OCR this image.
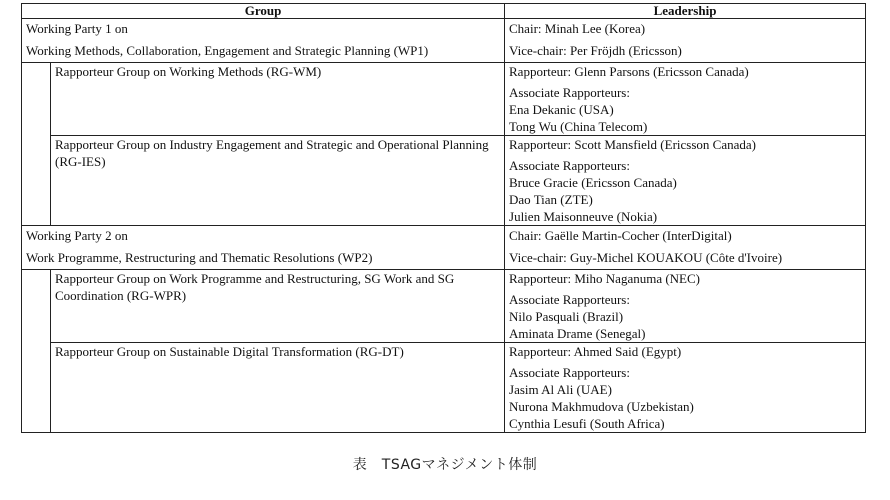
Group		Leadership

Working Party 1 on
Working Methods, Collaboration, Engagement and Strategic Planning (WP1)		Chair: Minah Lee (Korea)
Vice-chair: Per Fröjdh (Ericsson)

	Rapporteur Group on Working Methods (RG-WM)	Rapporteur: Glenn Parsons (Ericsson Canada)
Associate Rapporteurs:
Ena Dekanic (USA)
Tong Wu (China Telecom)

	Rapporteur Group on Industry Engagement and Strategic and Operational Planning (RG-IES)	Rapporteur: Scott Mansfield (Ericsson Canada)
Associate Rapporteurs:
Bruce Gracie (Ericsson Canada)
Dao Tian (ZTE)
Julien Maisonneuve (Nokia)

Working Party 2 on
Work Programme, Restructuring and Thematic Resolutions (WP2)		Chair: Gaëlle Martin-Cocher (InterDigital)
Vice-chair: Guy-Michel KOUAKOU (Côte d'Ivoire)

	Rapporteur Group on Work Programme and Restructuring, SG Work and SG Coordination (RG-WPR)	Rapporteur: Miho Naganuma (NEC)
Associate Rapporteurs:
Nilo Pasquali (Brazil)
Aminata Drame (Senegal)

	Rapporteur Group on Sustainable Digital Transformation (RG-DT)	Rapporteur: Ahmed Said (Egypt)
Associate Rapporteurs:
Jasim Al Ali (UAE)
Nurona Makhmudova (Uzbekistan)
Cynthia Lesufi (South Africa)
表　TSAGマネジメント体制
